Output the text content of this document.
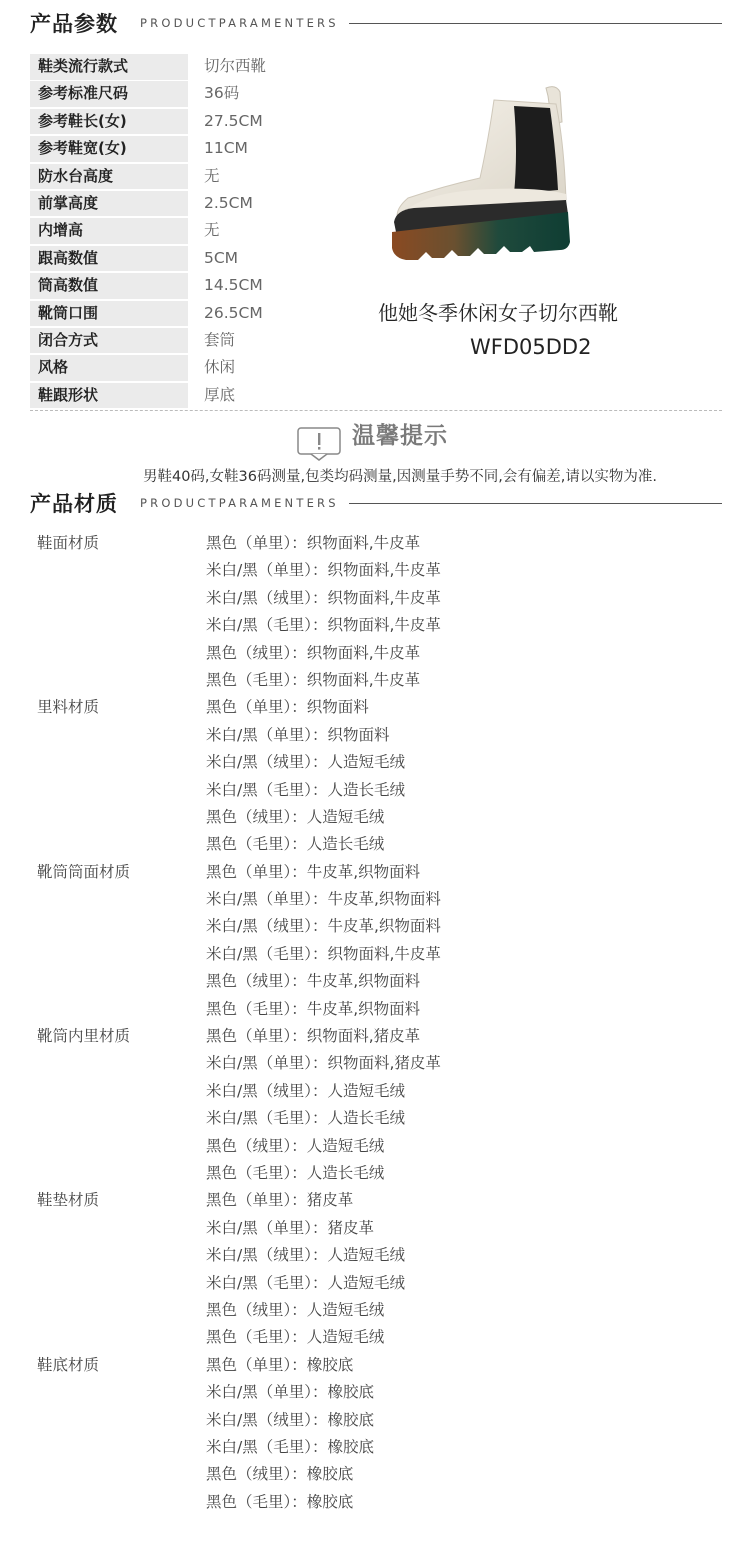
产品参数 PRODUCTPARAMENTERS
鞋类流行款式	切尔西靴
参考标准尺码	36码
参考鞋长(女)	27.5CM
参考鞋宽(女)	11CM
防水台高度	无
前掌高度	2.5CM
内增高	无
跟高数值	5CM
筒高数值	14.5CM
靴筒口围	26.5CM
闭合方式	套筒
风格	休闲
鞋跟形状	厚底
他她冬季休闲女子切尔西靴
WFD05DD2
温馨提示
男鞋40码,女鞋36码测量,包类均码测量,因测量手势不同,会有偏差,请以实物为准.
产品材质 PRODUCTPARAMENTERS
鞋面材质	黑色（单里）：织物面料,牛皮革
米白/黑（单里）：织物面料,牛皮革
米白/黑（绒里）：织物面料,牛皮革
米白/黑（毛里）：织物面料,牛皮革
黑色（绒里）：织物面料,牛皮革
黑色（毛里）：织物面料,牛皮革
里料材质	黑色（单里）：织物面料
米白/黑（单里）：织物面料
米白/黑（绒里）：人造短毛绒
米白/黑（毛里）：人造长毛绒
黑色（绒里）：人造短毛绒
黑色（毛里）：人造长毛绒
靴筒筒面材质	黑色（单里）：牛皮革,织物面料
米白/黑（单里）：牛皮革,织物面料
米白/黑（绒里）：牛皮革,织物面料
米白/黑（毛里）：织物面料,牛皮革
黑色（绒里）：牛皮革,织物面料
黑色（毛里）：牛皮革,织物面料
靴筒内里材质	黑色（单里）：织物面料,猪皮革
米白/黑（单里）：织物面料,猪皮革
米白/黑（绒里）：人造短毛绒
米白/黑（毛里）：人造长毛绒
黑色（绒里）：人造短毛绒
黑色（毛里）：人造长毛绒
鞋垫材质	黑色（单里）：猪皮革
米白/黑（单里）：猪皮革
米白/黑（绒里）：人造短毛绒
米白/黑（毛里）：人造短毛绒
黑色（绒里）：人造短毛绒
黑色（毛里）：人造短毛绒
鞋底材质	黑色（单里）：橡胶底
米白/黑（单里）：橡胶底
米白/黑（绒里）：橡胶底
米白/黑（毛里）：橡胶底
黑色（绒里）：橡胶底
黑色（毛里）：橡胶底
